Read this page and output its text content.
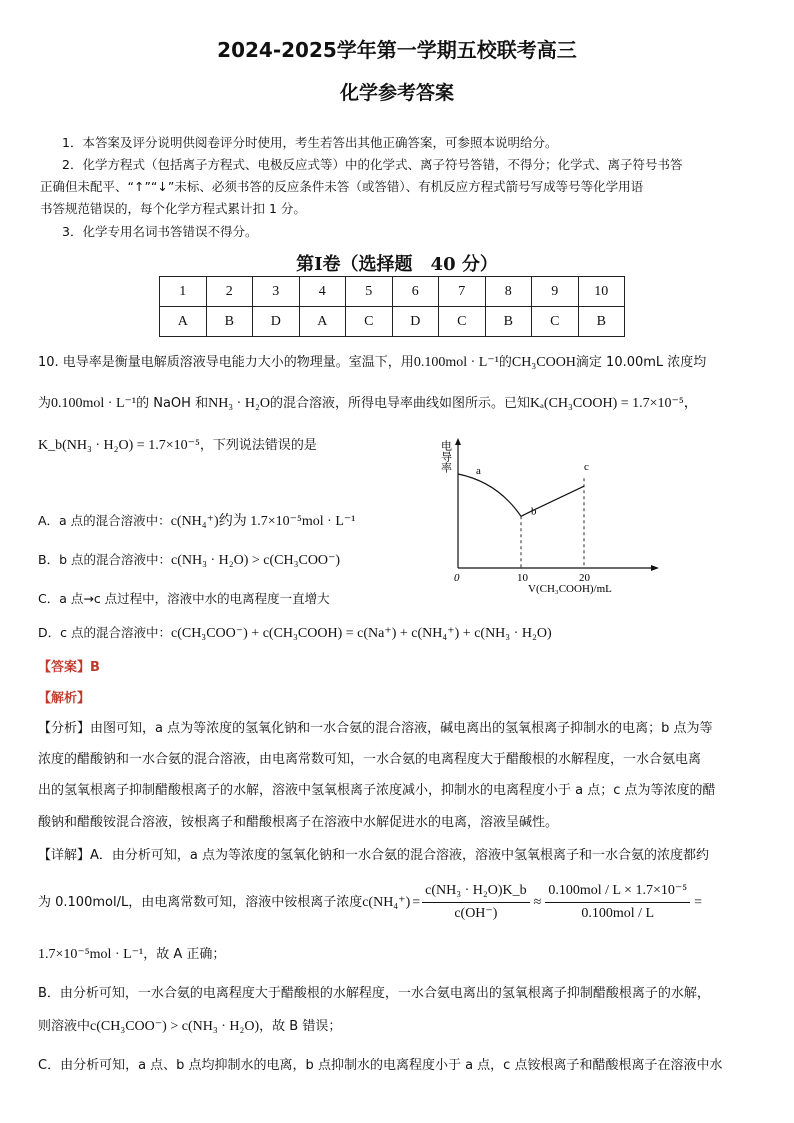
2024-2025学年第一学期五校联考高三
化学参考答案
1．本答案及评分说明供阅卷评分时使用，考生若答出其他正确答案，可参照本说明给分。
2．化学方程式（包括离子方程式、电极反应式等）中的化学式、离子符号答错，不得分；化学式、离子符号书答
正确但未配平、“↑”“↓”未标、必须书答的反应条件未答（或答错）、有机反应方程式箭号写成等号等化学用语
书答规范错误的，每个化学方程式累计扣 1 分。
3．化学专用名词书答错误不得分。
第Ⅰ卷（选择题　40 分）
1	2	3	4	5	6	7	8	9	10
A	B	D	A	C	D	C	B	C	B
10. 电导率是衡量电解质溶液导电能力大小的物理量。室温下，用0.100mol · L⁻¹的CH₃COOH滴定 10.00mL 浓度均
为0.100mol · L⁻¹的 NaOH 和NH₃ · H₂O的混合溶液，所得电导率曲线如图所示。已知Kₐ(CH₃COOH) = 1.7×10⁻⁵，
K_b(NH₃ · H₂O) = 1.7×10⁻⁵，下列说法错误的是
A．a 点的混合溶液中：c(NH₄⁺)约为 1.7×10⁻⁵mol · L⁻¹
B．b 点的混合溶液中：c(NH₃ · H₂O) > c(CH₃COO⁻)
C．a 点→c 点过程中，溶液中水的电离程度一直增大
D．c 点的混合溶液中：c(CH₃COO⁻) + c(CH₃COOH) = c(Na⁺) + c(NH₄⁺) + c(NH₃ · H₂O)
电导率
0	10	20
V(CH₃COOH)/mL
a
b
c
【答案】B
【解析】
【分析】由图可知，a 点为等浓度的氢氧化钠和一水合氨的混合溶液，碱电离出的氢氧根离子抑制水的电离；b 点为等
浓度的醋酸钠和一水合氨的混合溶液，由电离常数可知，一水合氨的电离程度大于醋酸根的水解程度，一水合氨电离
出的氢氧根离子抑制醋酸根离子的水解，溶液中氢氧根离子浓度减小，抑制水的电离程度小于 a 点；c 点为等浓度的醋
酸钠和醋酸铵混合溶液，铵根离子和醋酸根离子在溶液中水解促进水的电离，溶液呈碱性。
【详解】A．由分析可知，a 点为等浓度的氢氧化钠和一水合氨的混合溶液，溶液中氢氧根离子和一水合氨的浓度都约
为 0.100mol/L，由电离常数可知，溶液中铵根离子浓度 $c(NH_4^+) = \frac{\text{c(NH₃ · H₂O)K\_b}}{c(OH^-)} \approx \frac{\text{0.100mol / L × 1.7×10⁻⁵}}{\text{0.100mol / L}}$ =
1.7×10⁻⁵mol · L⁻¹，故 A 正确；
B．由分析可知，一水合氨的电离程度大于醋酸根的水解程度，一水合氨电离出的氢氧根离子抑制醋酸根离子的水解，
则溶液中c(CH₃COO⁻) > c(NH₃ · H₂O)，故 B 错误；
C．由分析可知，a 点、b 点均抑制水的电离，b 点抑制水的电离程度小于 a 点，c 点铵根离子和醋酸根离子在溶液中水
